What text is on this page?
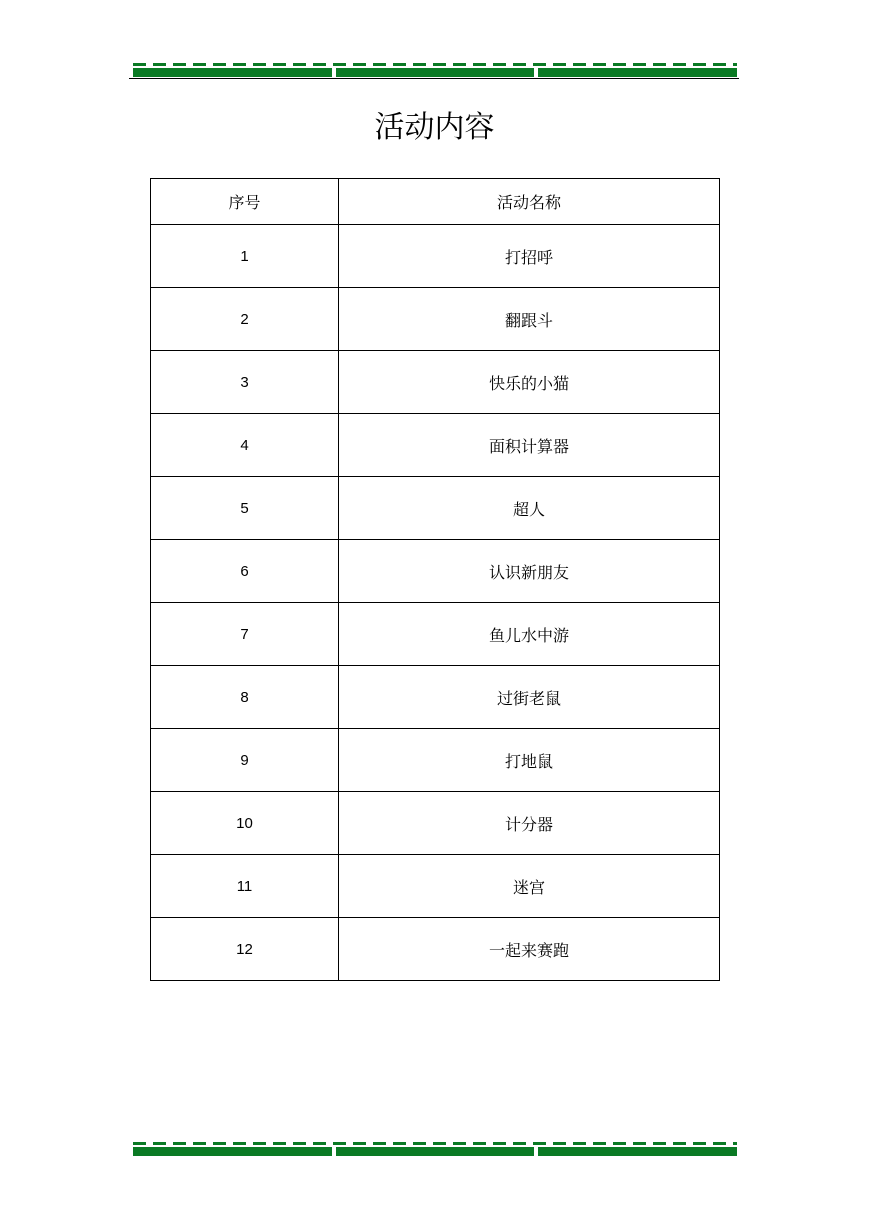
活动内容
序号	活动名称
1	打招呼
2	翻跟斗
3	快乐的小猫
4	面积计算器
5	超人
6	认识新朋友
7	鱼儿水中游
8	过街老鼠
9	打地鼠
10	计分器
11	迷宫
12	一起来赛跑
